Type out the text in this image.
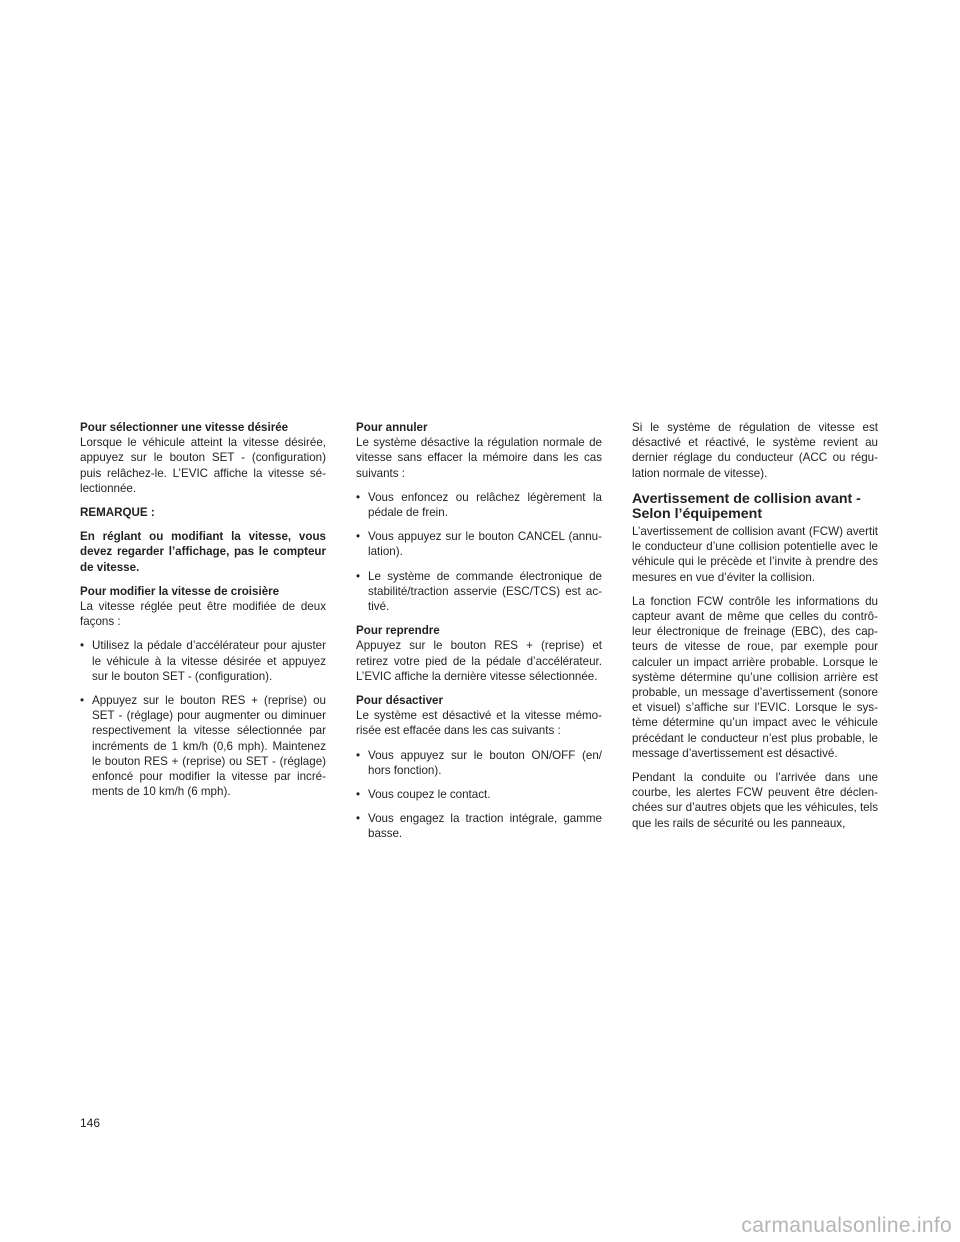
Pour sélectionner une vitesse désirée

Lorsque le véhicule atteint la vitesse désirée, appuyez sur le bouton SET - (configuration) puis relâchez-le. L’EVIC affiche la vitesse sé-lectionnée.

REMARQUE :

En réglant ou modifiant la vitesse, vous devez regarder l’affichage, pas le compteur de vitesse.

Pour modifier la vitesse de croisière

La vitesse réglée peut être modifiée de deux façons :

• Utilisez la pédale d’accélérateur pour ajuster le véhicule à la vitesse désirée et appuyez sur le bouton SET - (configuration).
• Appuyez sur le bouton RES + (reprise) ou SET - (réglage) pour augmenter ou diminuer respectivement la vitesse sélectionnée par incréments de 1 km/h (0,6 mph). Maintenez le bouton RES + (reprise) ou SET - (réglage) enfoncé pour modifier la vitesse par incré-ments de 10 km/h (6 mph).
Pour annuler

Le système désactive la régulation normale de vitesse sans effacer la mémoire dans les cas suivants :

• Vous enfoncez ou relâchez légèrement la pédale de frein.
• Vous appuyez sur le bouton CANCEL (annu-lation).
• Le système de commande électronique de stabilité/traction asservie (ESC/TCS) est ac-tivé.
Pour reprendre

Appuyez sur le bouton RES + (reprise) et retirez votre pied de la pédale d’accélérateur. L’EVIC affiche la dernière vitesse sélectionnée.

Pour désactiver

Le système est désactivé et la vitesse mémo-risée est effacée dans les cas suivants :

• Vous appuyez sur le bouton ON/OFF (en/ hors fonction).
• Vous coupez le contact.
• Vous engagez la traction intégrale, gamme basse.

Si le système de régulation de vitesse est désactivé et réactivé, le système revient au dernier réglage du conducteur (ACC ou régu-lation normale de vitesse).

Avertissement de collision avant -
Selon l’équipement

L’avertissement de collision avant (FCW) avertit le conducteur d’une collision potentielle avec le véhicule qui le précède et l’invite à prendre des mesures en vue d’éviter la collision.

La fonction FCW contrôle les informations du capteur avant de même que celles du contrô-leur électronique de freinage (EBC), des cap-teurs de vitesse de roue, par exemple pour calculer un impact arrière probable. Lorsque le système détermine qu’une collision arrière est probable, un message d’avertissement (sonore et visuel) s’affiche sur l’EVIC. Lorsque le sys-tème détermine qu’un impact avec le véhicule précédant le conducteur n’est plus probable, le message d’avertissement est désactivé.

Pendant la conduite ou l’arrivée dans une courbe, les alertes FCW peuvent être déclen-chées sur d’autres objets que les véhicules, tels que les rails de sécurité ou les panneaux,

146
carmanualsonline.info
